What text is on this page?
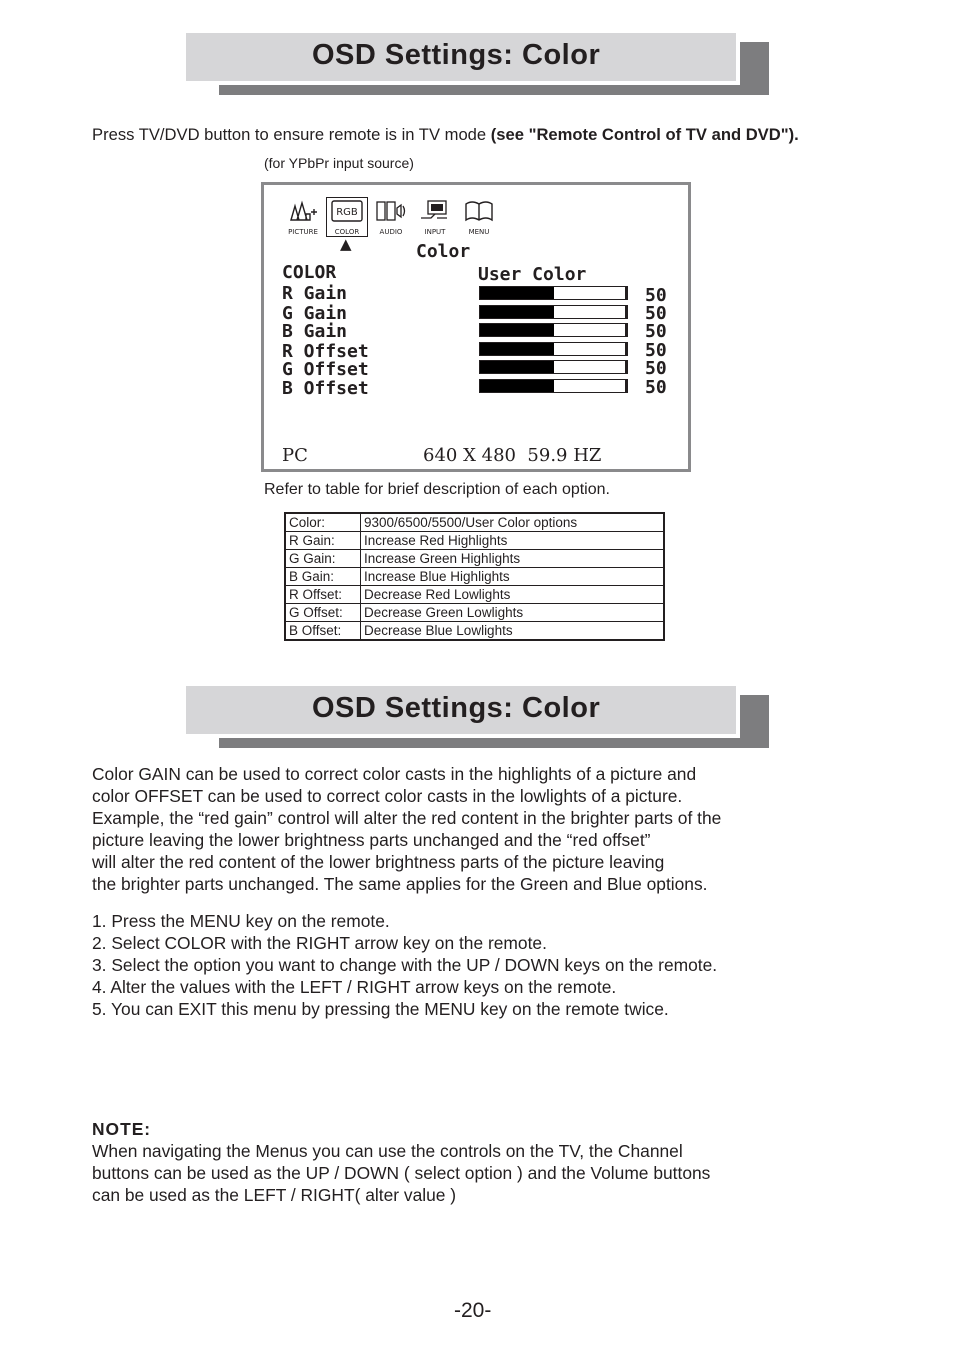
OSD Settings: Color
Press TV/DVD button to ensure remote is in TV mode (see "Remote Control of TV and DVD").
(for YPbPr input source)
PICTURE
RGB
COLOR	AUDIO	INPUT	MENU
▲	Color
COLOR	User Color
R Gain	50
G Gain	50
B Gain	50
R Offset	50
G Offset	50
B Offset	50
PC	640 X 480  59.9 HZ
Refer to table for brief description of each option.
Color:	9300/6500/5500/User Color options
R Gain:	Increase Red Highlights
G Gain:	Increase Green Highlights
B Gain:	Increase Blue Highlights
R Offset:	Decrease Red Lowlights
G Offset:	Decrease Green Lowlights
B Offset:	Decrease Blue Lowlights
OSD Settings: Color
Color GAIN can be used to correct color casts in the highlights of a picture and
color OFFSET can be used to correct color casts in the lowlights of a picture.
Example, the “red gain” control will alter the red content in the brighter parts of the
picture leaving the lower brightness parts unchanged and the “red offset”
will alter the red content of the lower brightness parts of the picture leaving
the brighter parts unchanged. The same applies for the Green and Blue options.
1. Press the MENU key on the remote.
2. Select COLOR with the RIGHT arrow key on the remote.
3. Select the option you want to change with the UP / DOWN keys on the remote.
4. Alter the values with the LEFT / RIGHT arrow keys on the remote.
5. You can EXIT this menu by pressing the MENU key on the remote twice.
NOTE:
When navigating the Menus you can use the controls on the TV, the Channel
buttons can be used as the UP / DOWN ( select option ) and the Volume buttons
can be used as the LEFT / RIGHT( alter value )
-20-
